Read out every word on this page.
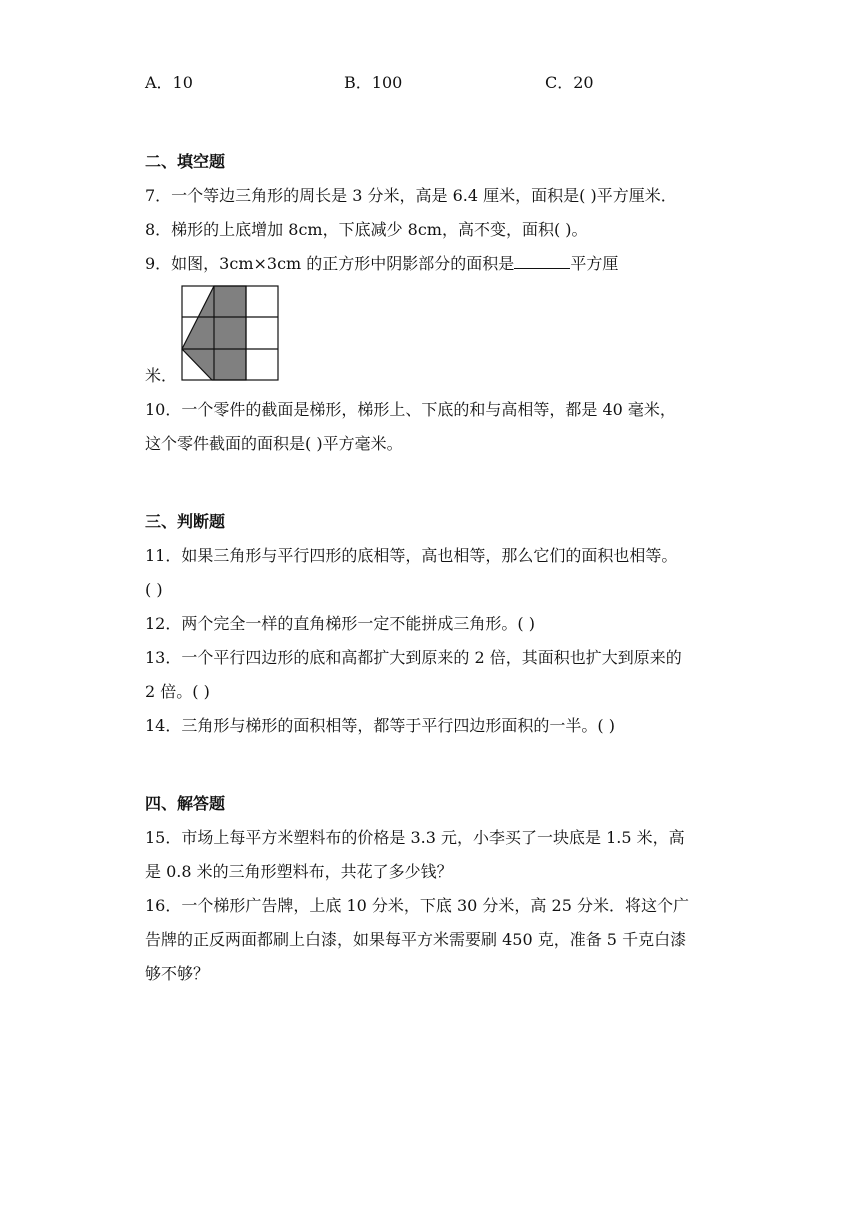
A．10	B．100	C．20
二、填空题
7．一个等边三角形的周长是 3 分米，高是 6.4 厘米，面积是( )平方厘米．
8．梯形的上底增加 8cm，下底减少 8cm，高不变，面积( )。
9．如图，3cm×3cm 的正方形中阴影部分的面积是	平方厘
米．
10．一个零件的截面是梯形，梯形上、下底的和与高相等，都是 40 毫米，
这个零件截面的面积是( )平方毫米。
三、判断题
11．如果三角形与平行四形的底相等，高也相等，那么它们的面积也相等。
( )
12．两个完全一样的直角梯形一定不能拼成三角形。( )
13．一个平行四边形的底和高都扩大到原来的 2 倍，其面积也扩大到原来的
2 倍。( )
14．三角形与梯形的面积相等，都等于平行四边形面积的一半。( )
四、解答题
15．市场上每平方米塑料布的价格是 3.3 元，小李买了一块底是 1.5 米，高
是 0.8 米的三角形塑料布，共花了多少钱？
16．一个梯形广告牌，上底 10 分米，下底 30 分米，高 25 分米．将这个广
告牌的正反两面都刷上白漆，如果每平方米需要刷 450 克，准备 5 千克白漆
够不够？
